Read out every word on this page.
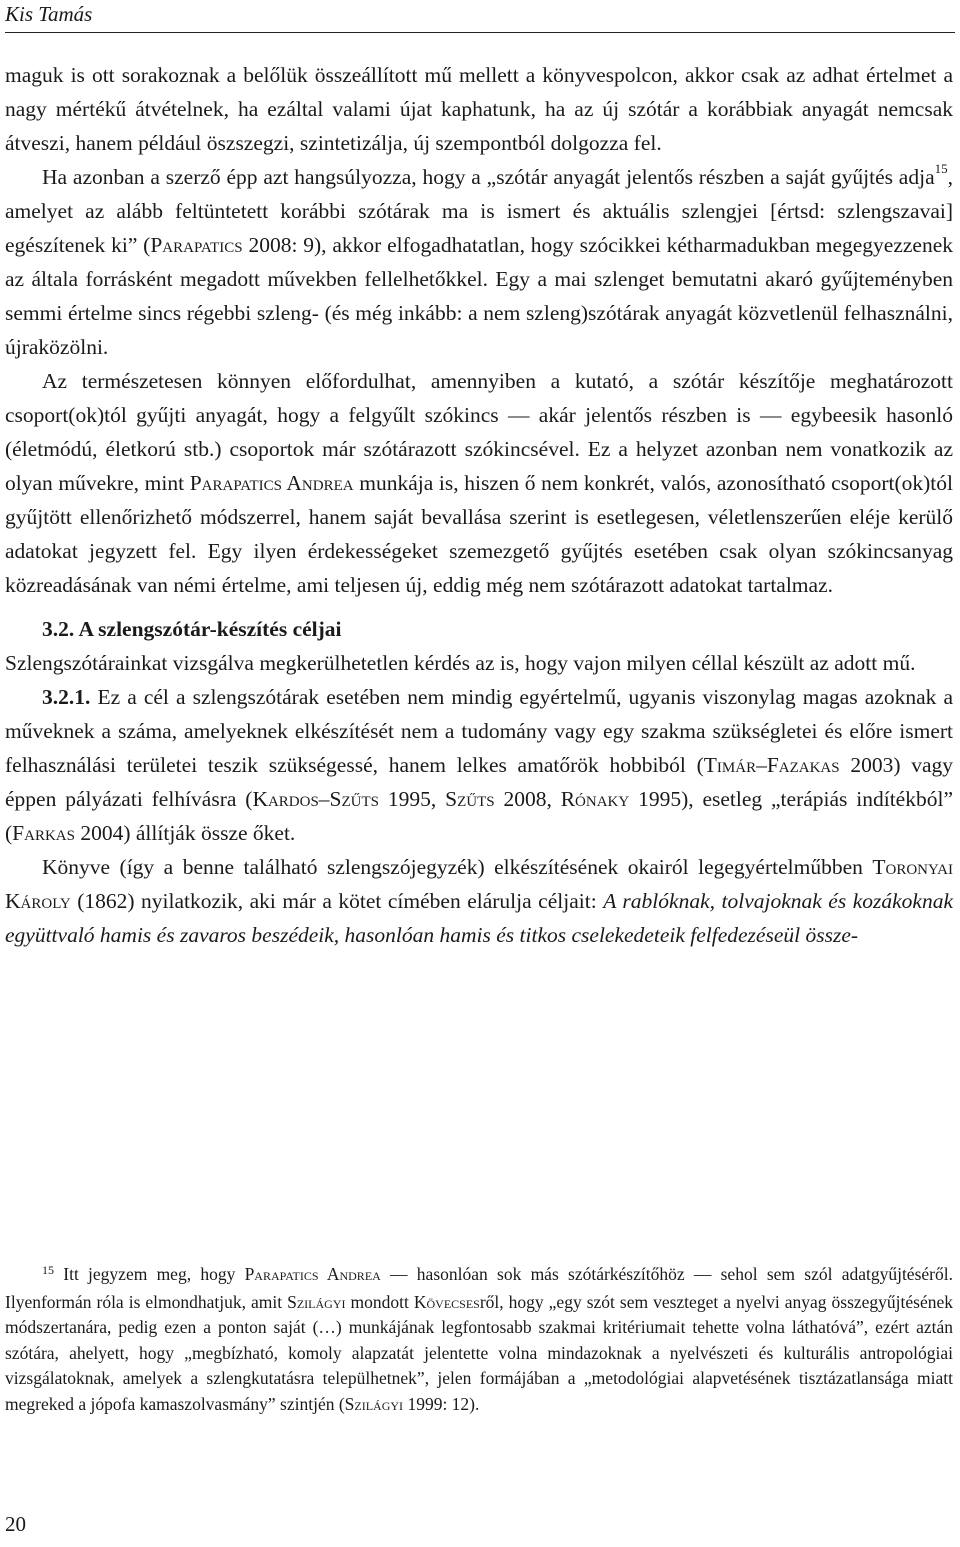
Kis Tamás

maguk is ott sorakoznak a belőlük összeállított mű mellett a könyvespolcon, akkor csak az adhat értelmet a nagy mértékű átvételnek, ha ezáltal valami újat kaphatunk, ha az új szótár a korábbiak anyagát nemcsak átveszi, hanem például öszszegzi, szintetizálja, új szempontból dolgozza fel.

Ha azonban a szerző épp azt hangsúlyozza, hogy a „szótár anyagát jelentős részben a saját gyűjtés adja$^{15}$, amelyet az alább feltüntetett korábbi szótárak ma is ismert és aktuális szlengjei [értsd: szlengszavai] egészítenek ki” (Parapatics 2008: 9), akkor elfogadhatatlan, hogy szócikkei kétharmadukban megegyezzenek az általa forrásként megadott művekben fellelhetőkkel. Egy a mai szlenget bemutatni akaró gyűjteményben semmi értelme sincs régebbi szleng- (és még inkább: a nem szleng)szótárak anyagát közvetlenül felhasználni, újraközölni.

Az természetesen könnyen előfordulhat, amennyiben a kutató, a szótár készítője meghatározott csoport(ok)tól gyűjti anyagát, hogy a felgyűlt szókincs — akár jelentős részben is — egybeesik hasonló (életmódú, életkorú stb.) csoportok már szótárazott szókincsével. Ez a helyzet azonban nem vonatkozik az olyan művekre, mint Parapatics Andrea munkája is, hiszen ő nem konkrét, valós, azonosítható csoport(ok)tól gyűjtött ellenőrizhető módszerrel, hanem saját bevallása szerint is esetlegesen, véletlenszerűen eléje kerülő adatokat jegyzett fel. Egy ilyen érdekességeket szemezgető gyűjtés esetében csak olyan szókincsanyag közreadásának van némi értelme, ami teljesen új, eddig még nem szótárazott adatokat tartalmaz.

3.2. A szlengszótár-készítés céljai

Szlengszótárainkat vizsgálva megkerülhetetlen kérdés az is, hogy vajon milyen céllal készült az adott mű.

3.2.1. Ez a cél a szlengszótárak esetében nem mindig egyértelmű, ugyanis viszonylag magas azoknak a műveknek a száma, amelyeknek elkészítését nem a tudomány vagy egy szakma szükségletei és előre ismert felhasználási területei teszik szükségessé, hanem lelkes amatőrök hobbiból (Timár–Fazakas 2003) vagy éppen pályázati felhívásra (Kardos–Szűts 1995, Szűts 2008, Rónaky 1995), esetleg „terápiás indítékból” (Farkas 2004) állítják össze őket.

Könyve (így a benne található szlengszójegyzék) elkészítésének okairól legegyértelműbben Toronyai Károly (1862) nyilatkozik, aki már a kötet címében elárulja céljait: A rablóknak, tolvajoknak és kozákoknak együttvaló hamis és zavaros beszédeik, hasonlóan hamis és titkos cselekedeteik felfedezéseül össze-

$^{15}$ Itt jegyzem meg, hogy Parapatics Andrea — hasonlóan sok más szótárkészítőhöz — sehol sem szól adatgyűjtéséről. Ilyenformán róla is elmondhatjuk, amit Szilágyi mondott Kövecsesről, hogy „egy szót sem veszteget a nyelvi anyag összegyűjtésének módszertanára, pedig ezen a ponton saját (…) munkájának legfontosabb szakmai kritériumait tehette volna láthatóvá”, ezért aztán szótára, ahelyett, hogy „megbízható, komoly alapzatát jelentette volna mindazoknak a nyelvészeti és kulturális antropológiai vizsgálatoknak, amelyek a szlengkutatásra települhetnek”, jelen formájában a „metodológiai alapvetésének tisztázatlansága miatt megreked a jópofa kamaszolvasmány” szintjén (Szilágyi 1999: 12).

20
